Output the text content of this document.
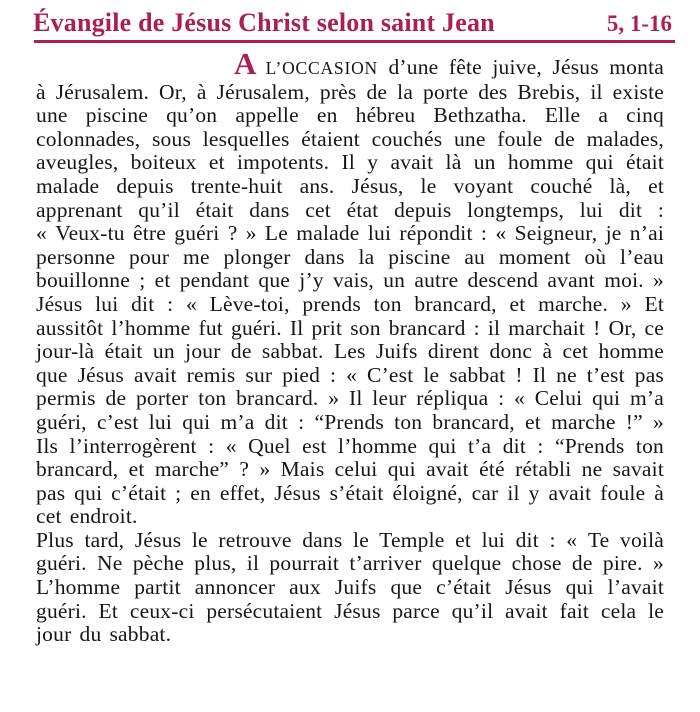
Évangile de Jésus Christ selon saint Jean	5, 1-16

A L’OCCASION d’une fête juive, Jésus monta à Jérusalem. Or, à Jérusalem, près de la porte des Brebis, il existe une piscine qu’on appelle en hébreu Bethzatha. Elle a cinq colonnades, sous lesquelles étaient couchés une foule de malades, aveugles, boiteux et impotents. Il y avait là un homme qui était malade depuis trente-huit ans. Jésus, le voyant couché là, et apprenant qu’il était dans cet état depuis longtemps, lui dit : « Veux-tu être guéri ? » Le malade lui répondit : « Seigneur, je n’ai personne pour me plonger dans la piscine au moment où l’eau bouillonne ; et pendant que j’y vais, un autre descend avant moi. » Jésus lui dit : « Lève-toi, prends ton brancard, et marche. » Et aussitôt l’homme fut guéri. Il prit son brancard : il marchait ! Or, ce jour-là était un jour de sabbat. Les Juifs dirent donc à cet homme que Jésus avait remis sur pied : « C’est le sabbat ! Il ne t’est pas permis de porter ton brancard. » Il leur répliqua : « Celui qui m’a guéri, c’est lui qui m’a dit : “Prends ton brancard, et marche !” » Ils l’interrogèrent : « Quel est l’homme qui t’a dit : “Prends ton brancard, et marche” ? » Mais celui qui avait été rétabli ne savait pas qui c’était ; en effet, Jésus s’était éloigné, car il y avait foule à cet endroit.

Plus tard, Jésus le retrouve dans le Temple et lui dit : « Te voilà guéri. Ne pèche plus, il pourrait t’arriver quelque chose de pire. » L’homme partit annoncer aux Juifs que c’était Jésus qui l’avait guéri. Et ceux-ci persécutaient Jésus parce qu’il avait fait cela le jour du sabbat.
